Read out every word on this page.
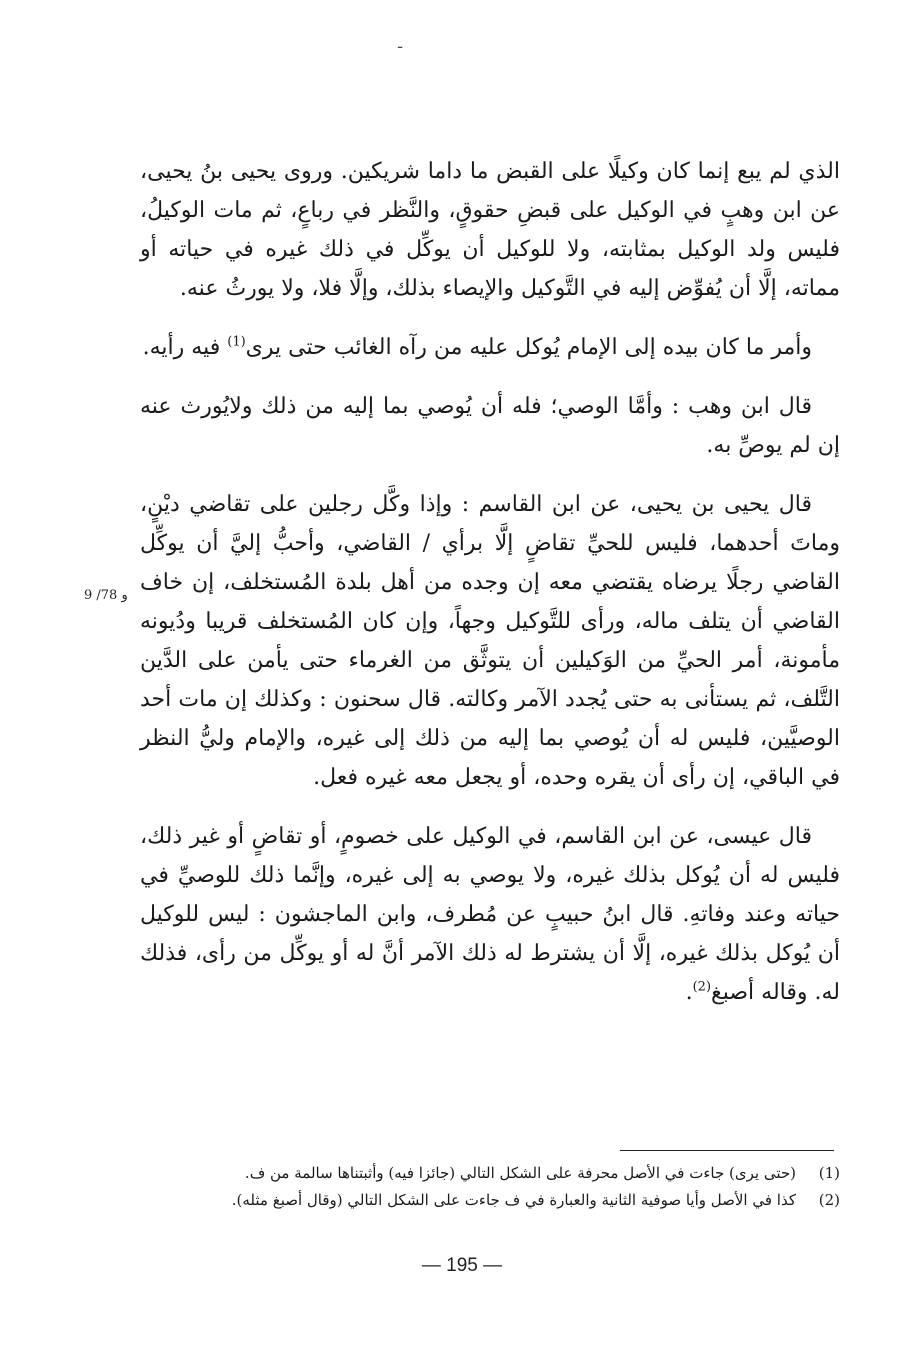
ـ

الذي لم يبع إنما كان وكيلًا على القبض ما داما شريكين. وروى يحيى بنُ يحيى، عن ابن وهبٍ في الوكيل على قبضِ حقوقٍ، والنَّظر في رباعٍ، ثم مات الوكيلُ، فليس ولد الوكيل بمثابته، ولا للوكيل أن يوكِّل في ذلك غيره في حياته أو مماته، إلَّا أن يُفوِّض إليه في التَّوكيل والإيصاء بذلك، وإلَّا فلا، ولا يورثُ عنه.

وأمر ما كان بيده إلى الإمام يُوكل عليه من رآه الغائب حتى يرى$^{(1)}$ فيه رأيه.

قال ابن وهب : وأمَّا الوصي؛ فله أن يُوصي بما إليه من ذلك ولايُورث عنه إن لم يوصِّ به.

قال يحيى بن يحيى، عن ابن القاسم : وإذا وكَّل رجلين على تقاضي ديْنٍ، وماتَ أحدهما، فليس للحيِّ تقاضٍ إلَّا برأي / القاضي، وأحبُّ إليَّ أن يوكِّل القاضي رجلًا يرضاه يقتضي معه إن وجده من أهل بلدة المُستخلف، إن خاف القاضي أن يتلف ماله، ورأى للتَّوكيل وجهاً، وإن كان المُستخلف قريبا ودُيونه مأمونة، أمر الحيِّ من الوَكيلين أن يتوثَّق من الغرماء حتى يأمن على الدَّين التَّلف، ثم يستأنى به حتى يُجدد الآمر وكالته. قال سحنون : وكذلك إن مات أحد الوصيَّين، فليس له أن يُوصي بما إليه من ذلك إلى غيره، والإمام وليُّ النظر في الباقي، إن رأى أن يقره وحده، أو يجعل معه غيره فعل.

قال عيسى، عن ابن القاسم، في الوكيل على خصومٍ، أو تقاضٍ أو غير ذلك، فليس له أن يُوكل بذلك غيره، ولا يوصي به إلى غيره، وإنَّما ذلك للوصيِّ في حياته وعند وفاتهِ. قال ابنُ حبيبٍ عن مُطرف، وابن الماجشون : ليس للوكيل أن يُوكل بذلك غيره، إلَّا أن يشترط له ذلك الآمر أنَّ له أو يوكِّل من رأى، فذلك له. وقاله أصبغ$^{(2)}$.

9 /78 و
(1)
(حتى يرى) جاءت في الأصل محرفة على الشكل التالي (جائزا فيه) وأثبتناها سالمة من ف.
(2)
كذا في الأصل وأيا صوفية الثانية والعبارة في ف جاءت على الشكل التالي (وقال أصبغ مثله).
— 195 —
